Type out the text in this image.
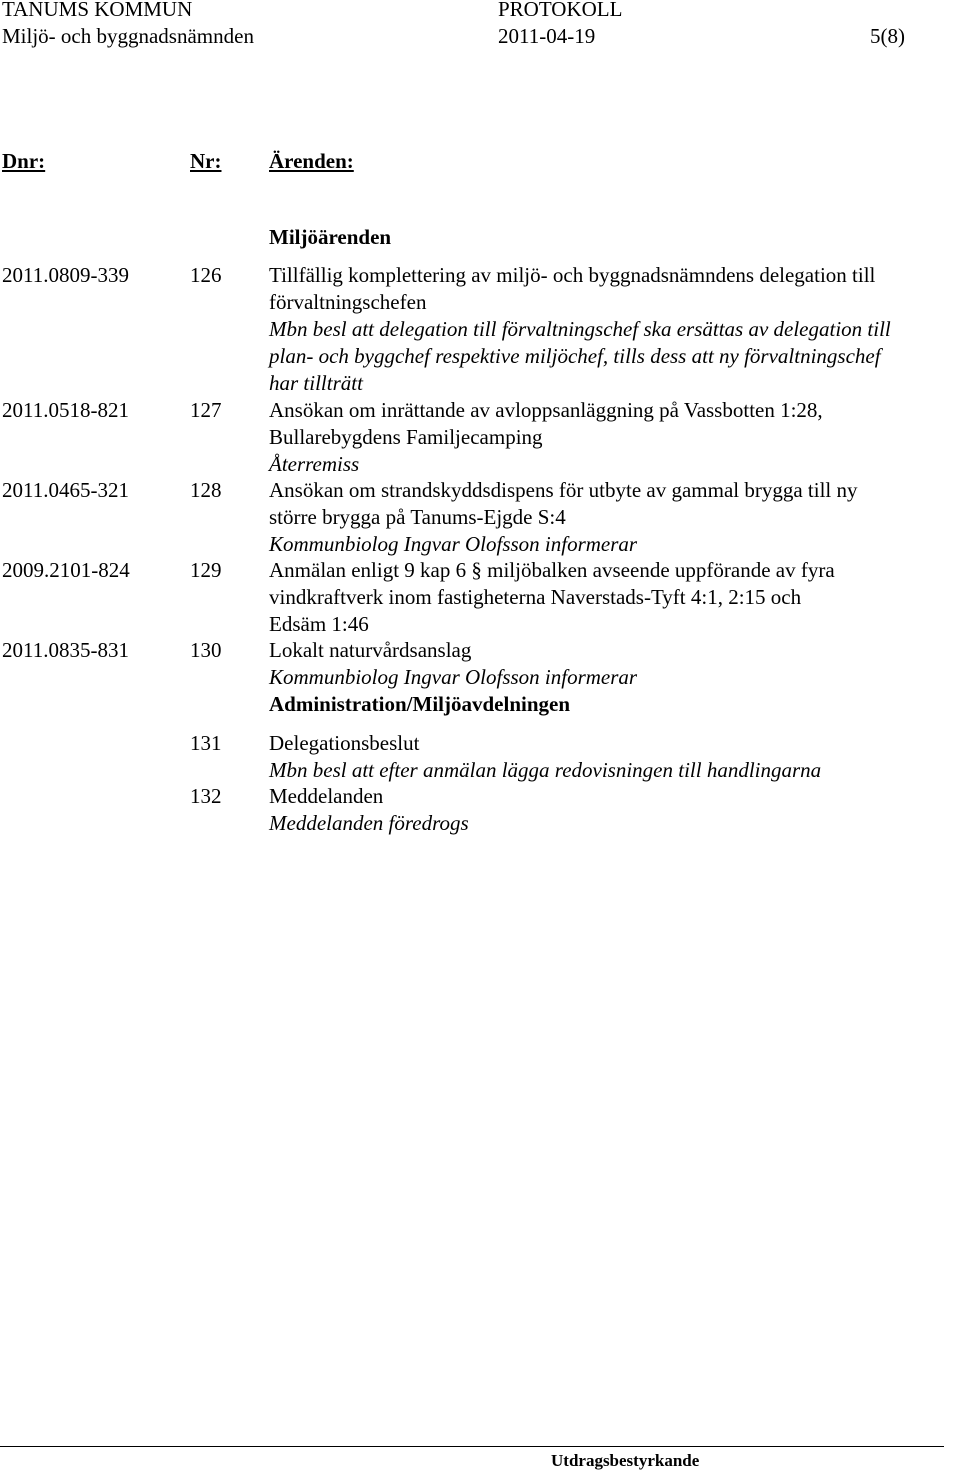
TANUMS KOMMUN	PROTOKOLL
Miljö- och byggnadsnämnden	2011-04-19	5(8)
Dnr:	Nr: Ärenden:
Miljöärenden
2011.0809-339	126 Tillfällig komplettering av miljö- och byggnadsnämndens delegation till
förvaltningschefen
Mbn besl att delegation till förvaltningschef ska ersättas av delegation till
plan- och byggchef respektive miljöchef, tills dess att ny förvaltningschef
har tillträtt
2011.0518-821	127 Ansökan om inrättande av avloppsanläggning på Vassbotten 1:28,
Bullarebygdens Familjecamping
Återremiss
2011.0465-321	128 Ansökan om strandskyddsdispens för utbyte av gammal brygga till ny
större brygga på Tanums-Ejgde S:4
Kommunbiolog Ingvar Olofsson informerar
2009.2101-824	129 Anmälan enligt 9 kap 6 § miljöbalken avseende uppförande av fyra
vindkraftverk inom fastigheterna Naverstads-Tyft 4:1, 2:15 och
Edsäm 1:46
2011.0835-831	130 Lokalt naturvårdsanslag
Kommunbiolog Ingvar Olofsson informerar
Administration/Miljöavdelningen
131 Delegationsbeslut
Mbn besl att efter anmälan lägga redovisningen till handlingarna
132 Meddelanden
Meddelanden föredrogs
Utdragsbestyrkande
